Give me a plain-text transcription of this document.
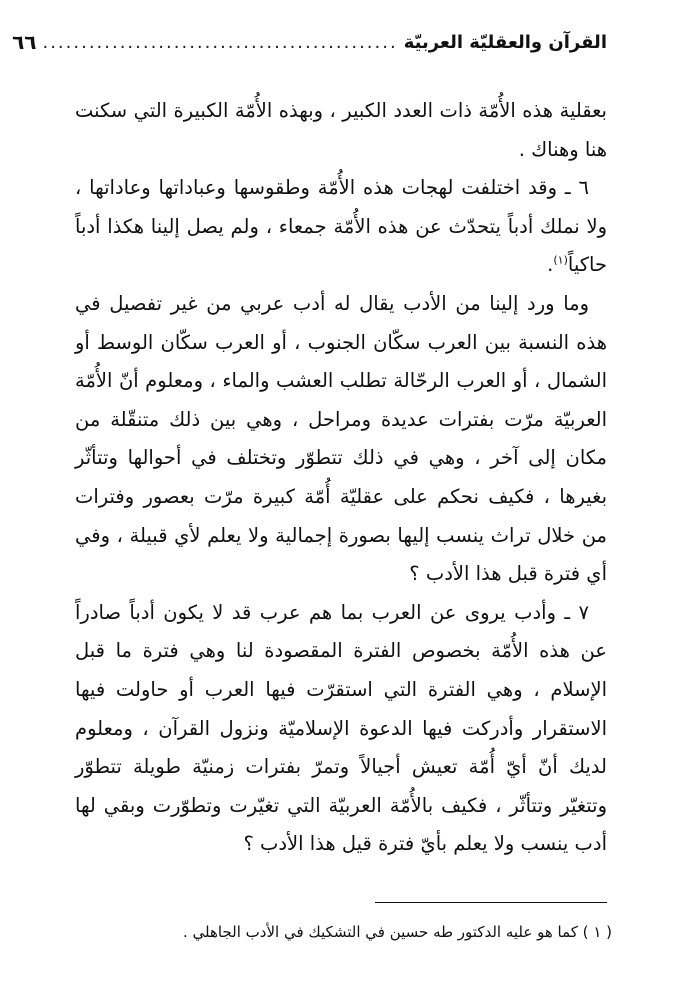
القرآن والعقليّة العربيّة
..............................................
٦٦

بعقلية هذه الأُمّة ذات العدد الكبير ، وبهذه الأُمّة الكبيرة التي سكنت هنا وهناك .

٦ ـ وقد اختلفت لهجات هذه الأُمّة وطقوسها وعباداتها وعاداتها ، ولا نملك أدباً يتحدّث عن هذه الأُمّة جمعاء ، ولم يصل إلينا هكذا أدباً حاكياً$^{(١)}$.

وما ورد إلينا من الأدب يقال له أدب عربي من غير تفصيل في هذه النسبة بين العرب سكّان الجنوب ، أو العرب سكّان الوسط أو الشمال ، أو العرب الرحّالة تطلب العشب والماء ، ومعلوم أنّ الأُمّة العربيّة مرّت بفترات عديدة ومراحل ، وهي بين ذلك متنقّلة من مكان إلى آخر ، وهي في ذلك تتطوّر وتختلف في أحوالها وتتأثّر بغيرها ، فكيف نحكم على عقليّة أُمّة كبيرة مرّت بعصور وفترات من خلال تراث ينسب إليها بصورة إجمالية ولا يعلم لأي قبيلة ، وفي أي فترة قبل هذا الأدب ؟

٧ ـ وأدب يروى عن العرب بما هم عرب قد لا يكون أدباً صادراً عن هذه الأُمّة بخصوص الفترة المقصودة لنا وهي فترة ما قبل الإسلام ، وهي الفترة التي استقرّت فيها العرب أو حاولت فيها الاستقرار وأدركت فيها الدعوة الإسلاميّة ونزول القرآن ، ومعلوم لديك أنّ أيّ أُمّة تعيش أجيالاً وتمرّ بفترات زمنيّة طويلة تتطوّر وتتغيّر وتتأثّر ، فكيف بالأُمّة العربيّة التي تغيّرت وتطوّرت وبقي لها أدب ينسب ولا يعلم بأيّ فترة قيل هذا الأدب ؟

( ١ ) كما هو عليه الدكتور طه حسين في التشكيك في الأدب الجاهلي .
